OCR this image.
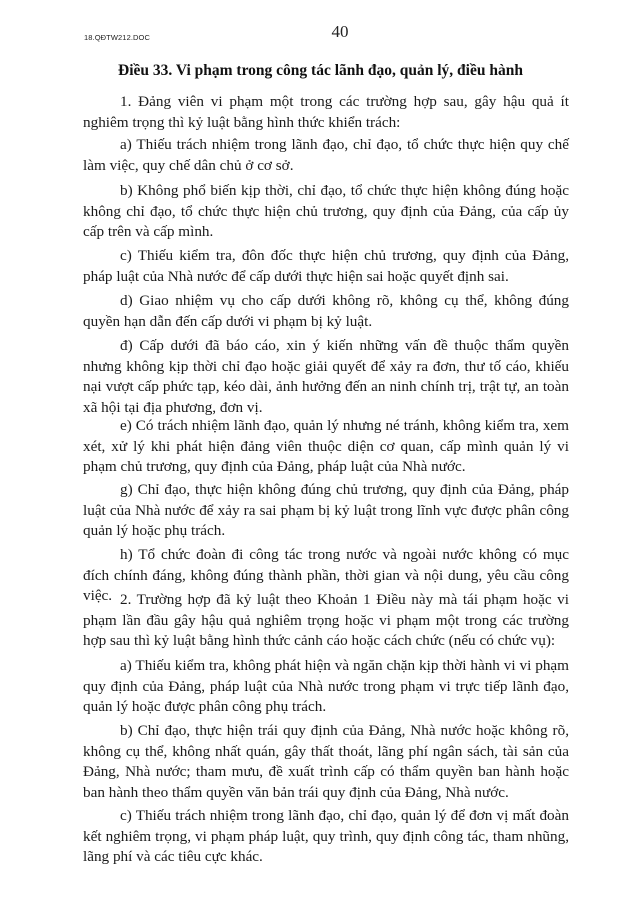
18.QĐTW212.DOC	40
Điều 33. Vi phạm trong công tác lãnh đạo, quản lý, điều hành

1. Đảng viên vi phạm một trong các trường hợp sau, gây hậu quả ít nghiêm trọng thì kỷ luật bằng hình thức khiển trách:

a) Thiếu trách nhiệm trong lãnh đạo, chỉ đạo, tổ chức thực hiện quy chế làm việc, quy chế dân chủ ở cơ sở.

b) Không phổ biến kịp thời, chỉ đạo, tổ chức thực hiện không đúng hoặc không chỉ đạo, tổ chức thực hiện chủ trương, quy định của Đảng, của cấp ủy cấp trên và cấp mình.

c) Thiếu kiểm tra, đôn đốc thực hiện chủ trương, quy định của Đảng, pháp luật của Nhà nước để cấp dưới thực hiện sai hoặc quyết định sai.

d) Giao nhiệm vụ cho cấp dưới không rõ, không cụ thể, không đúng quyền hạn dẫn đến cấp dưới vi phạm bị kỷ luật.

đ) Cấp dưới đã báo cáo, xin ý kiến những vấn đề thuộc thẩm quyền nhưng không kịp thời chỉ đạo hoặc giải quyết để xảy ra đơn, thư tố cáo, khiếu nại vượt cấp phức tạp, kéo dài, ảnh hưởng đến an ninh chính trị, trật tự, an toàn xã hội tại địa phương, đơn vị.

e) Có trách nhiệm lãnh đạo, quản lý nhưng né tránh, không kiểm tra, xem xét, xử lý khi phát hiện đảng viên thuộc diện cơ quan, cấp mình quản lý vi phạm chủ trương, quy định của Đảng, pháp luật của Nhà nước.

g) Chỉ đạo, thực hiện không đúng chủ trương, quy định của Đảng, pháp luật của Nhà nước để xảy ra sai phạm bị kỷ luật trong lĩnh vực được phân công quản lý hoặc phụ trách.

h) Tổ chức đoàn đi công tác trong nước và ngoài nước không có mục đích chính đáng, không đúng thành phần, thời gian và nội dung, yêu cầu công việc. 2. Trường hợp đã kỷ luật theo Khoản 1 Điều này mà tái phạm hoặc vi phạm lần đầu gây hậu quả nghiêm trọng hoặc vi phạm một trong các trường hợp sau thì kỷ luật bằng hình thức cảnh cáo hoặc cách chức (nếu có chức vụ):

a) Thiếu kiểm tra, không phát hiện và ngăn chặn kịp thời hành vi vi phạm quy định của Đảng, pháp luật của Nhà nước trong phạm vi trực tiếp lãnh đạo, quản lý hoặc được phân công phụ trách.

b) Chỉ đạo, thực hiện trái quy định của Đảng, Nhà nước hoặc không rõ, không cụ thể, không nhất quán, gây thất thoát, lãng phí ngân sách, tài sản của Đảng, Nhà nước; tham mưu, đề xuất trình cấp có thẩm quyền ban hành hoặc ban hành theo thẩm quyền văn bản trái quy định của Đảng, Nhà nước.

c) Thiếu trách nhiệm trong lãnh đạo, chỉ đạo, quản lý để đơn vị mất đoàn kết nghiêm trọng, vi phạm pháp luật, quy trình, quy định công tác, tham nhũng, lãng phí và các tiêu cực khác.
